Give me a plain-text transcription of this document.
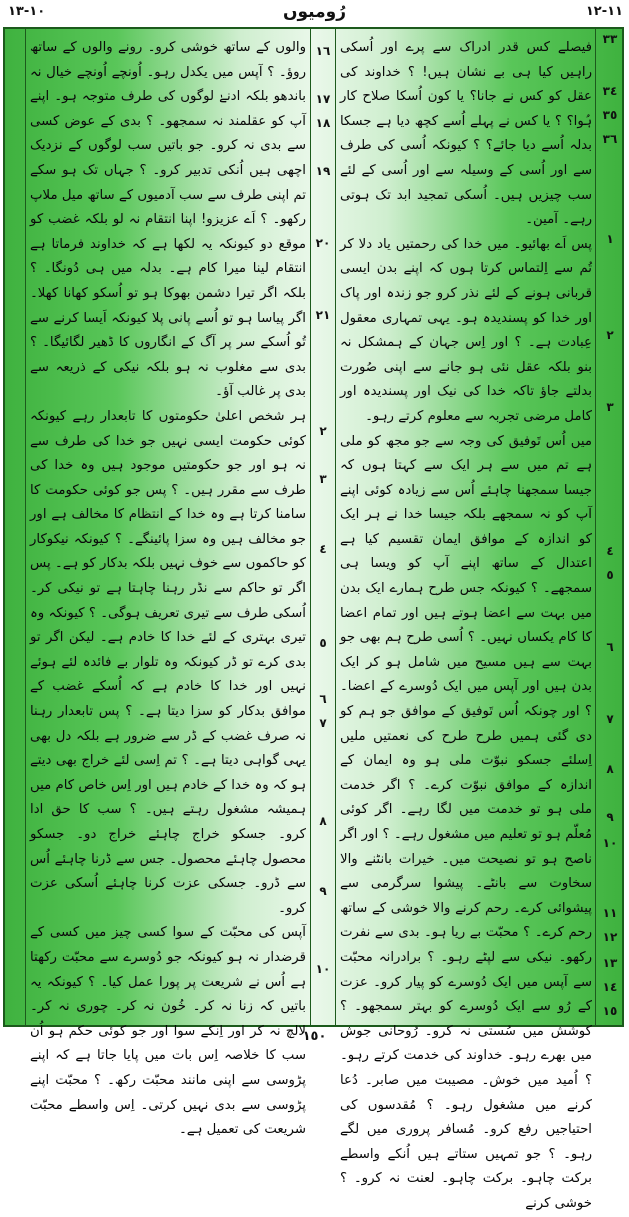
١٠-١٣	رُومیوں	١١-١٢
٣٣
٣٤
٣٥
٣٦
١
٢
٣
٤
٥
٦
٧
٨
٩
١٠
١١
١٢
١٣
١٤
١٥
١٦
١٧
١٨
١٩
٢٠
٢١
٢
٣
٤
٥
٦
٧
٨
٩
١٠

فیصلے کس قدر ادراک سے پرے اور اُسکی راہیں کیا ہی بے نشان ہیں! ؟ خداوند کی عقل کو کس نے جانا؟ یا کون اُسکا صلاح کار ہُوا؟ ؟ یا کس نے پہلے اُسے کچھ دیا ہے جسکا بدلہ اُسے دیا جائے؟ ؟ کیونکہ اُسی کی طرف سے اور اُسی کے وسیلہ سے اور اُسی کے لئے سب چیزیں ہیں۔ اُسکی تمجید ابد تک ہوتی رہے۔ آمین۔

پس اَے بھائیو۔ میں خدا کی رحمتیں یاد دلا کر تُم سے اِلتماس کرتا ہوں کہ اپنے بدن ایسی قربانی ہونے کے لئے نذر کرو جو زندہ اور پاک اور خدا کو پسندیدہ ہو۔ یہی تمہاری معقول عِبادت ہے۔ ؟ اور اِس جہان کے ہمشکل نہ بنو بلکہ عقل نئی ہو جانے سے اپنی صُورت بدلتے جاؤ تاکہ خدا کی نیک اور پسندیدہ اور کامل مرضی تجربہ سے معلوم کرتے رہو۔

میں اُس تَوفیق کی وجہ سے جو مجھ کو ملی ہے تم میں سے ہر ایک سے کہتا ہوں کہ جیسا سمجھنا چاہئے اُس سے زیادہ کوئی اپنے آپ کو نہ سمجھے بلکہ جیسا خدا نے ہر ایک کو اندازہ کے موافق ایمان تقسیم کیا ہے اعتدال کے ساتھ اپنے آپ کو ویسا ہی سمجھے۔ ؟ کیونکہ جس طرح ہمارے ایک بدن میں بہت سے اعضا ہوتے ہیں اور تمام اعضا کا کام یکساں نہیں۔ ؟ اُسی طرح ہم بھی جو بہت سے ہیں مسیح میں شامل ہو کر ایک بدن ہیں اور آپس میں ایک دُوسرے کے اعضا۔ ؟ اور چونکہ اُس تَوفیق کے موافق جو ہم کو دی گئی ہمیں طرح طرح کی نعمتیں ملیں اِسلئے جسکو نبوّت ملی ہو وہ ایمان کے اندازہ کے موافق نبوّت کرے۔ ؟ اگر خدمت ملی ہو تو خدمت میں لگا رہے۔ اگر کوئی مُعلّم ہو تو تعلیم میں مشغول رہے۔ ؟ اور اگر ناصح ہو تو نصیحت میں۔ خیرات بانٹنے والا سخاوت سے بانٹے۔ پیشوا سرگرمی سے پیشوائی کرے۔ رحم کرنے والا خوشی کے ساتھ رحم کرے۔ ؟ محبّت بے ریا ہو۔ بدی سے نفرت رکھو۔ نیکی سے لپٹے رہو۔ ؟ برادرانہ محبّت سے آپس میں ایک دُوسرے کو پیار کرو۔ عزت کے رُو سے ایک دُوسرے کو بہتر سمجھو۔ ؟ کوشش میں سُستی نہ کرو۔ رُوحانی جوش میں بھرے رہو۔ خداوند کی خدمت کرتے رہو۔ ؟ اُمید میں خوش۔ مصیبت میں صابر۔ دُعا کرنے میں مشغول رہو۔ ؟ مُقدسوں کی احتیاجیں رفع کرو۔ مُسافر پروری میں لگے رہو۔ ؟ جو تمہیں ستاتے ہیں اُنکے واسطے برکت چاہو۔ برکت چاہو۔ لعنت نہ کرو۔ ؟ خوشی کرنے

والوں کے ساتھ خوشی کرو۔ رونے والوں کے ساتھ روؤ۔ ؟ آپس میں یکدل رہو۔ اُونچے اُونچے خیال نہ باندھو بلکہ ادنےٰ لوگوں کی طرف متوجہ ہو۔ اپنے آپ کو عقلمند نہ سمجھو۔ ؟ بدی کے عوض کسی سے بدی نہ کرو۔ جو باتیں سب لوگوں کے نزدیک اچھی ہیں اُنکی تدبیر کرو۔ ؟ جہاں تک ہو سکے تم اپنی طرف سے سب آدمیوں کے ساتھ میل ملاپ رکھو۔ ؟ اَے عزیزو! اپنا انتقام نہ لو بلکہ غضب کو موقع دو کیونکہ یہ لکھا ہے کہ خداوند فرماتا ہے انتقام لینا میرا کام ہے۔ بدلہ میں ہی دُونگا۔ ؟ بلکہ اگر تیرا دشمن بھوکا ہو تو اُسکو کھانا کھلا۔ اگر پیاسا ہو تو اُسے پانی پلا کیونکہ اَیسا کرنے سے تُو اُسکے سر پر آگ کے انگاروں کا ڈھیر لگائیگا۔ ؟ بدی سے مغلوب نہ ہو بلکہ نیکی کے ذریعہ سے بدی پر غالب آؤ۔

ہر شخص اعلیٰ حکومتوں کا تابعدار رہے کیونکہ کوئی حکومت ایسی نہیں جو خدا کی طرف سے نہ ہو اور جو حکومتیں موجود ہیں وہ خدا کی طرف سے مقرر ہیں۔ ؟ پس جو کوئی حکومت کا سامنا کرتا ہے وہ خدا کے انتظام کا مخالف ہے اور جو مخالف ہیں وہ سزا پائینگے۔ ؟ کیونکہ نیکوکار کو حاکموں سے خوف نہیں بلکہ بدکار کو ہے۔ پس اگر تو حاکم سے نڈر رہنا چاہتا ہے تو نیکی کر۔ اُسکی طرف سے تیری تعریف ہوگی۔ ؟ کیونکہ وہ تیری بہتری کے لئے خدا کا خادم ہے۔ لیکن اگر تو بدی کرے تو ڈر کیونکہ وہ تلوار بے فائدہ لئے ہوئے نہیں اور خدا کا خادم ہے کہ اُسکے غضب کے موافق بدکار کو سزا دیتا ہے۔ ؟ پس تابعدار رہنا نہ صرف غضب کے ڈر سے ضرور ہے بلکہ دل بھی یہی گواہی دیتا ہے۔ ؟ تم اِسی لئے خراج بھی دیتے ہو کہ وہ خدا کے خادم ہیں اور اِس خاص کام میں ہمیشہ مشغول رہتے ہیں۔ ؟ سب کا حق ادا کرو۔ جسکو خراج چاہئے خراج دو۔ جسکو محصول چاہئے محصول۔ جس سے ڈرنا چاہئے اُس سے ڈرو۔ جسکی عزت کرنا چاہئے اُسکی عزت کرو۔

آپس کی محبّت کے سوا کسی چیز میں کسی کے قرضدار نہ ہو کیونکہ جو دُوسرے سے محبّت رکھتا ہے اُس نے شریعت پر پورا عمل کیا۔ ؟ کیونکہ یہ باتیں کہ زنا نہ کر۔ خُون نہ کر۔ چوری نہ کر۔ لالچ نہ کر اور اِنکے سوا اور جو کوئی حکم ہو اُن سب کا خلاصہ اِس بات میں پایا جاتا ہے کہ اپنے پڑوسی سے اپنی مانند محبّت رکھ۔ ؟ محبّت اپنے پڑوسی سے بدی نہیں کرتی۔ اِس واسطے محبّت شریعت کی تعمیل ہے۔

١٥٠
